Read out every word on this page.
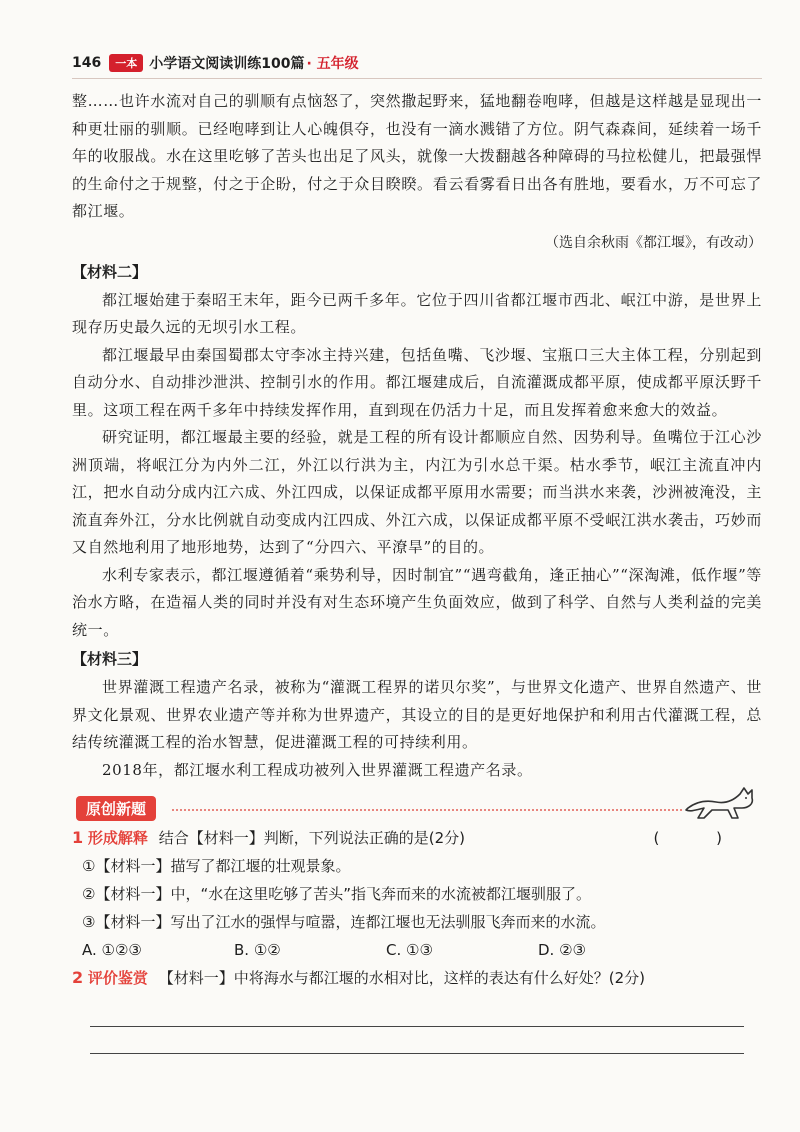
146	一本 小学语文阅读训练100篇 · 五年级

整……也许水流对自己的驯顺有点恼怒了，突然撒起野来，猛地翻卷咆哮，但越是这样越是显现出一种更壮丽的驯顺。已经咆哮到让人心魄俱夺，也没有一滴水溅错了方位。阴气森森间，延续着一场千年的收服战。水在这里吃够了苦头也出足了风头，就像一大拨翻越各种障碍的马拉松健儿，把最强悍的生命付之于规整，付之于企盼，付之于众目睽睽。看云看雾看日出各有胜地，要看水，万不可忘了都江堰。

（选自余秋雨《都江堰》，有改动）

【材料二】

都江堰始建于秦昭王末年，距今已两千多年。它位于四川省都江堰市西北、岷江中游，是世界上现存历史最久远的无坝引水工程。

都江堰最早由秦国蜀郡太守李冰主持兴建，包括鱼嘴、飞沙堰、宝瓶口三大主体工程，分别起到自动分水、自动排沙泄洪、控制引水的作用。都江堰建成后，自流灌溉成都平原，使成都平原沃野千里。这项工程在两千多年中持续发挥作用，直到现在仍活力十足，而且发挥着愈来愈大的效益。

研究证明，都江堰最主要的经验，就是工程的所有设计都顺应自然、因势利导。鱼嘴位于江心沙洲顶端，将岷江分为内外二江，外江以行洪为主，内江为引水总干渠。枯水季节，岷江主流直冲内江，把水自动分成内江六成、外江四成，以保证成都平原用水需要；而当洪水来袭，沙洲被淹没，主流直奔外江，分水比例就自动变成内江四成、外江六成，以保证成都平原不受岷江洪水袭击，巧妙而又自然地利用了地形地势，达到了“分四六、平潦旱”的目的。

水利专家表示，都江堰遵循着“乘势利导，因时制宜”“遇弯截角，逢正抽心”“深淘滩，低作堰”等治水方略，在造福人类的同时并没有对生态环境产生负面效应，做到了科学、自然与人类利益的完美统一。

【材料三】

世界灌溉工程遗产名录，被称为“灌溉工程界的诺贝尔奖”，与世界文化遗产、世界自然遗产、世界文化景观、世界农业遗产等并称为世界遗产，其设立的目的是更好地保护和利用古代灌溉工程，总结传统灌溉工程的治水智慧，促进灌溉工程的可持续利用。

2018年，都江堰水利工程成功被列入世界灌溉工程遗产名录。

原创新题
1 形成解释 结合【材料一】判断，下列说法正确的是(2分)	( )
①【材料一】描写了都江堰的壮观景象。
②【材料一】中，“水在这里吃够了苦头”指飞奔而来的水流被都江堰驯服了。
③【材料一】写出了江水的强悍与喧嚣，连都江堰也无法驯服飞奔而来的水流。
A. ①②③	B. ①②	C. ①③	D. ②③
2 评价鉴赏 【材料一】中将海水与都江堰的水相对比，这样的表达有什么好处？(2分)
